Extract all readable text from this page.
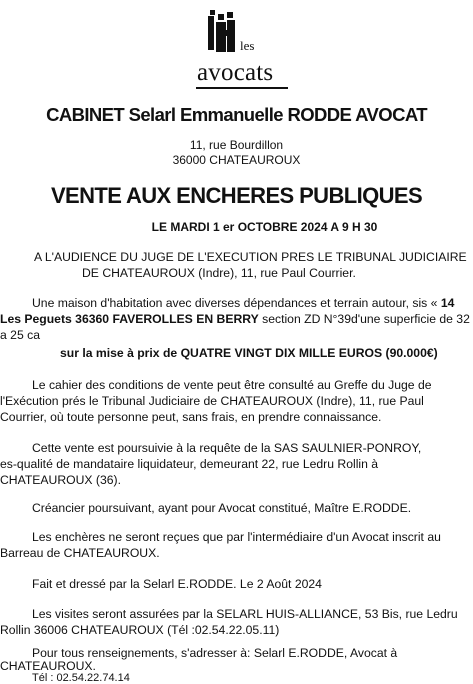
les
avocats
CABINET Selarl Emmanuelle RODDE AVOCAT
11, rue Bourdillon
36000 CHATEAUROUX
VENTE AUX ENCHERES PUBLIQUES
LE MARDI 1 er OCTOBRE 2024 A 9 H 30
A L'AUDIENCE DU JUGE DE L'EXECUTION PRES LE TRIBUNAL JUDICIAIRE
DE CHATEAUROUX (Indre), 11, rue Paul Courrier.
Une maison d'habitation avec diverses dépendances et terrain autour, sis « 14
Les Peguets 36360 FAVEROLLES EN BERRY section ZD N°39d'une superficie de 32
a 25 ca
sur la mise à prix de QUATRE VINGT DIX MILLE EUROS (90.000€)
Le cahier des conditions de vente peut être consulté au Greffe du Juge de
l'Exécution prés le Tribunal Judiciaire de CHATEAUROUX (Indre), 11, rue Paul
Courrier, où toute personne peut, sans frais, en prendre connaissance.
Cette vente est poursuivie à la requête de la SAS SAULNIER-PONROY,
es-qualité de mandataire liquidateur, demeurant 22, rue Ledru Rollin à
CHATEAUROUX (36).
Créancier poursuivant, ayant pour Avocat constitué, Maître E.RODDE.
Les enchères ne seront reçues que par l'intermédiaire d'un Avocat inscrit au
Barreau de CHATEAUROUX.
Fait et dressé par la Selarl E.RODDE. Le 2 Août 2024
Les visites seront assurées par la SELARL HUIS-ALLIANCE, 53 Bis, rue Ledru
Rollin 36006 CHATEAUROUX (Tél :02.54.22.05.11)
Pour tous renseignements, s'adresser à: Selarl E.RODDE, Avocat à
CHATEAUROUX.
Tél : 02.54.22.74.14
